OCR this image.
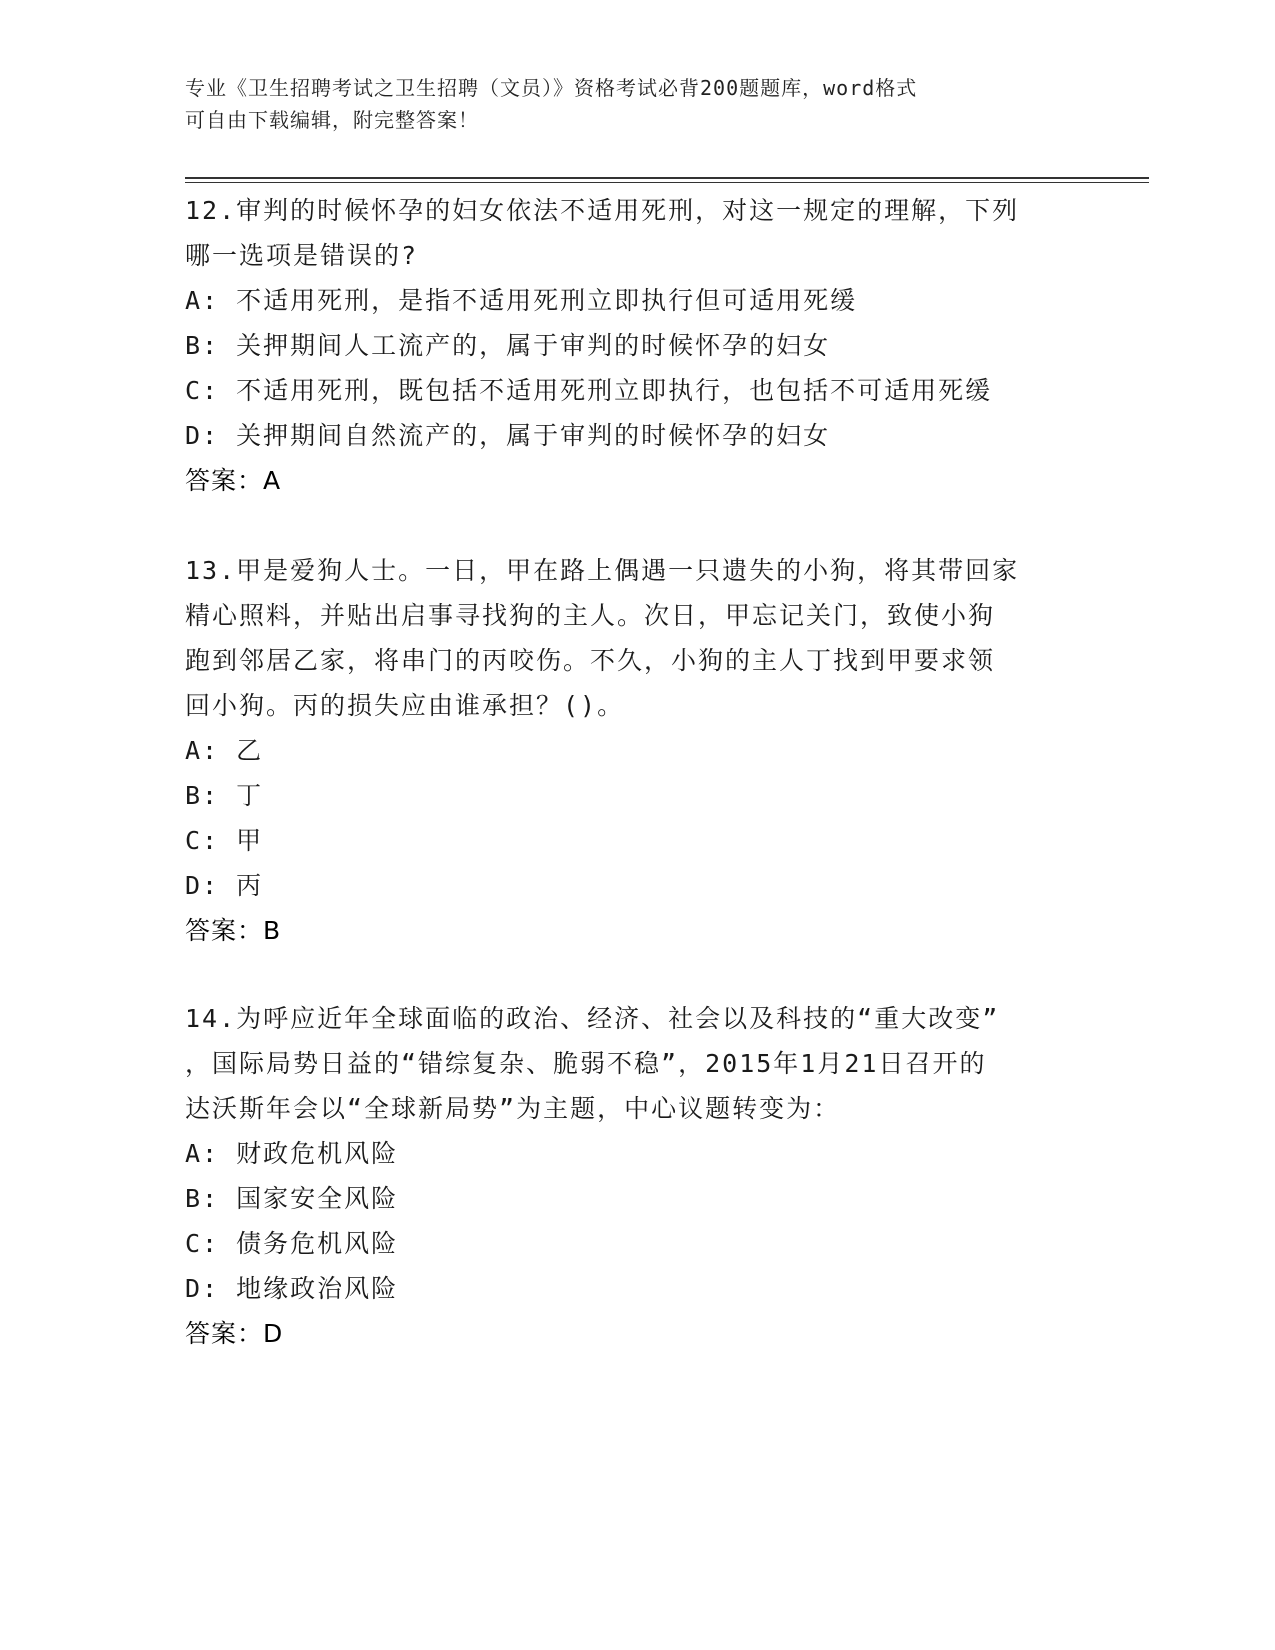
专业《卫生招聘考试之卫生招聘（文员）》资格考试必背200题题库，word格式
可自由下载编辑，附完整答案！
12.审判的时候怀孕的妇女依法不适用死刑，对这一规定的理解，下列
哪一选项是错误的?
A: 不适用死刑，是指不适用死刑立即执行但可适用死缓
B: 关押期间人工流产的，属于审判的时候怀孕的妇女
C: 不适用死刑，既包括不适用死刑立即执行，也包括不可适用死缓
D: 关押期间自然流产的，属于审判的时候怀孕的妇女
答案：A
13.甲是爱狗人士。一日，甲在路上偶遇一只遗失的小狗，将其带回家
精心照料，并贴出启事寻找狗的主人。次日，甲忘记关门，致使小狗
跑到邻居乙家，将串门的丙咬伤。不久，小狗的主人丁找到甲要求领
回小狗。丙的损失应由谁承担？()。
A: 乙
B: 丁
C: 甲
D: 丙
答案：B
14.为呼应近年全球面临的政治、经济、社会以及科技的“重大改变”
，国际局势日益的“错综复杂、脆弱不稳”，2015年1月21日召开的
达沃斯年会以“全球新局势”为主题，中心议题转变为：
A: 财政危机风险
B: 国家安全风险
C: 债务危机风险
D: 地缘政治风险
答案：D
